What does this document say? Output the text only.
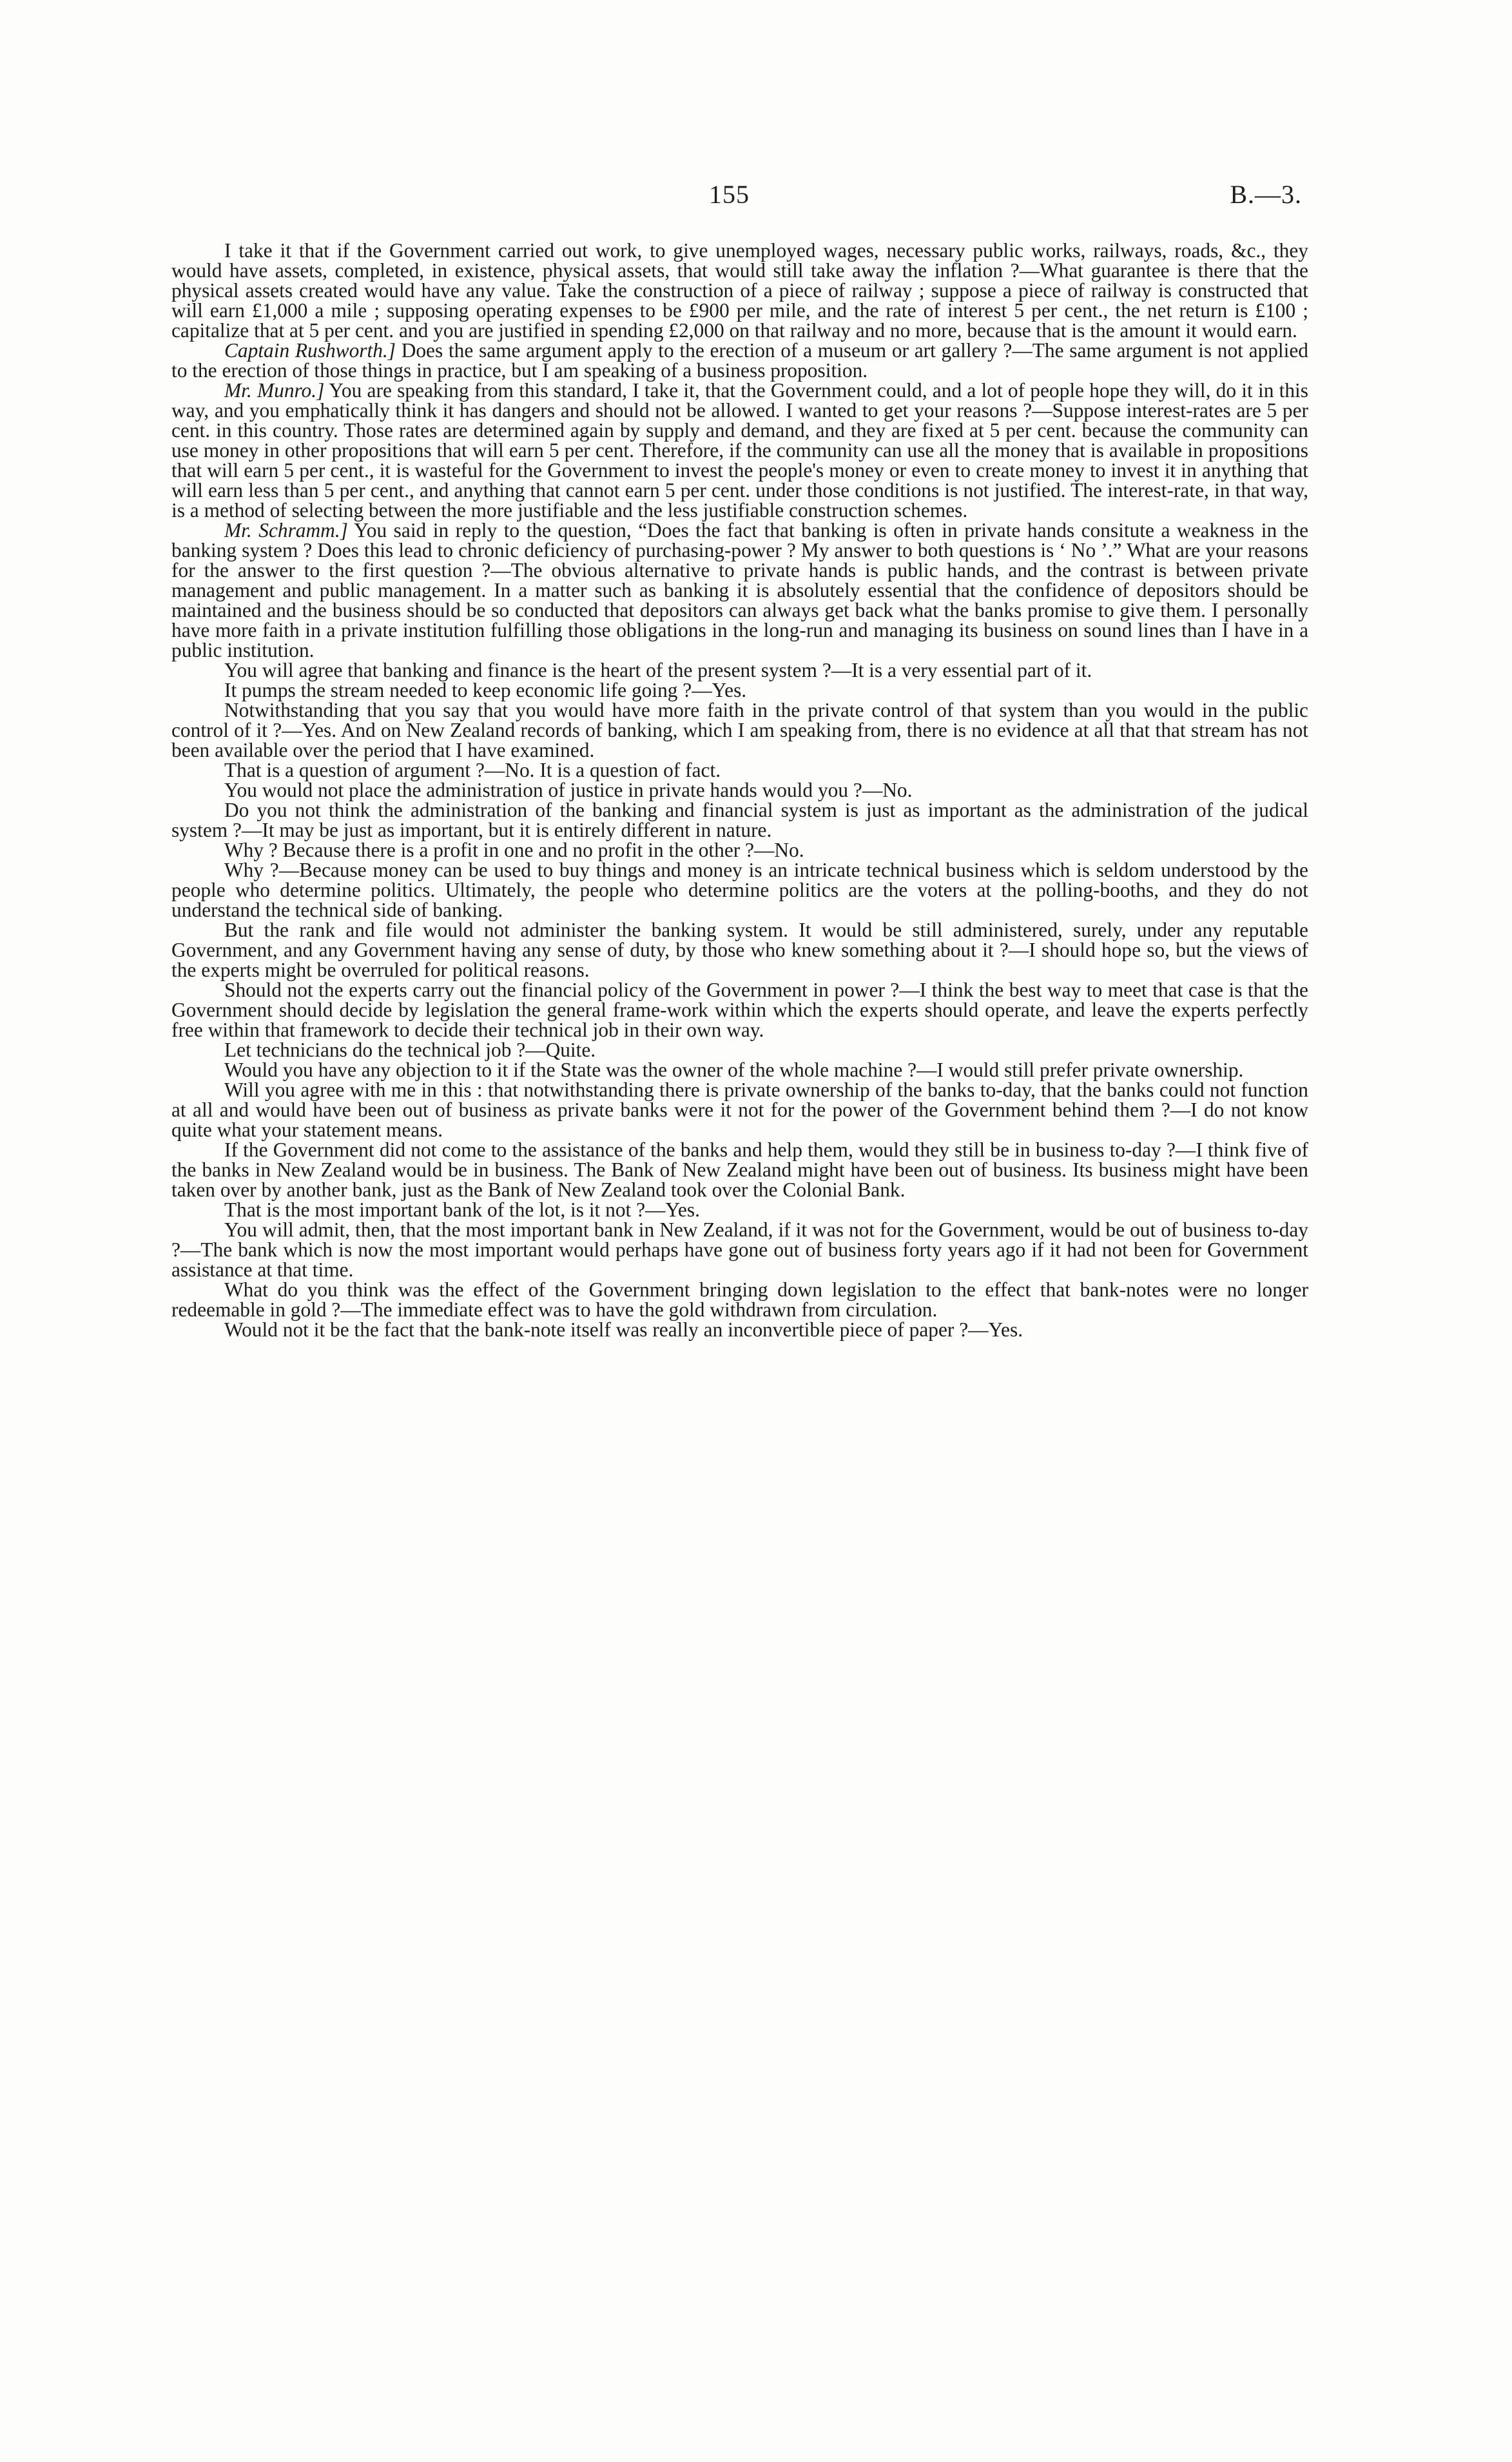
155	B.—3.

I take it that if the Government carried out work, to give unemployed wages, necessary public works, railways, roads, &c., they would have assets, completed, in existence, physical assets, that would still take away the inflation ?—What guarantee is there that the physical assets created would have any value. Take the construction of a piece of railway ; suppose a piece of railway is constructed that will earn £1,000 a mile ; supposing operating expenses to be £900 per mile, and the rate of interest 5 per cent., the net return is £100 ; capitalize that at 5 per cent. and you are justified in spending £2,000 on that railway and no more, because that is the amount it would earn.

Captain Rushworth.] Does the same argument apply to the erection of a museum or art gallery ?—The same argument is not applied to the erection of those things in practice, but I am speaking of a business proposition.

Mr. Munro.] You are speaking from this standard, I take it, that the Government could, and a lot of people hope they will, do it in this way, and you emphatically think it has dangers and should not be allowed. I wanted to get your reasons ?—Suppose interest-rates are 5 per cent. in this country. Those rates are determined again by supply and demand, and they are fixed at 5 per cent. because the community can use money in other propositions that will earn 5 per cent. Therefore, if the community can use all the money that is available in propositions that will earn 5 per cent., it is wasteful for the Government to invest the people's money or even to create money to invest it in anything that will earn less than 5 per cent., and anything that cannot earn 5 per cent. under those conditions is not justified. The interest-rate, in that way, is a method of selecting between the more justifiable and the less justifiable construction schemes.

Mr. Schramm.] You said in reply to the question, “Does the fact that banking is often in private hands consitute a weakness in the banking system ? Does this lead to chronic deficiency of purchasing-power ? My answer to both questions is ‘ No ’.” What are your reasons for the answer to the first question ?—The obvious alternative to private hands is public hands, and the contrast is between private management and public management. In a matter such as banking it is absolutely essential that the confidence of depositors should be maintained and the business should be so conducted that depositors can always get back what the banks promise to give them. I personally have more faith in a private institution fulfilling those obligations in the long-run and managing its business on sound lines than I have in a public institution.

You will agree that banking and finance is the heart of the present system ?—It is a very essential part of it.

It pumps the stream needed to keep economic life going ?—Yes.

Notwithstanding that you say that you would have more faith in the private control of that system than you would in the public control of it ?—Yes. And on New Zealand records of banking, which I am speaking from, there is no evidence at all that that stream has not been available over the period that I have examined.

That is a question of argument ?—No. It is a question of fact.

You would not place the administration of justice in private hands would you ?—No.

Do you not think the administration of the banking and financial system is just as important as the administration of the judical system ?—It may be just as important, but it is entirely different in nature.

Why ? Because there is a profit in one and no profit in the other ?—No.

Why ?—Because money can be used to buy things and money is an intricate technical business which is seldom understood by the people who determine politics. Ultimately, the people who determine politics are the voters at the polling-booths, and they do not understand the technical side of banking.

But the rank and file would not administer the banking system. It would be still administered, surely, under any reputable Government, and any Government having any sense of duty, by those who knew something about it ?—I should hope so, but the views of the experts might be overruled for political reasons.

Should not the experts carry out the financial policy of the Government in power ?—I think the best way to meet that case is that the Government should decide by legislation the general frame-work within which the experts should operate, and leave the experts perfectly free within that framework to decide their technical job in their own way.

Let technicians do the technical job ?—Quite.

Would you have any objection to it if the State was the owner of the whole machine ?—I would still prefer private ownership.

Will you agree with me in this : that notwithstanding there is private ownership of the banks to-day, that the banks could not function at all and would have been out of business as private banks were it not for the power of the Government behind them ?—I do not know quite what your statement means.

If the Government did not come to the assistance of the banks and help them, would they still be in business to-day ?—I think five of the banks in New Zealand would be in business. The Bank of New Zealand might have been out of business. Its business might have been taken over by another bank, just as the Bank of New Zealand took over the Colonial Bank.

That is the most important bank of the lot, is it not ?—Yes.

You will admit, then, that the most important bank in New Zealand, if it was not for the Government, would be out of business to-day ?—The bank which is now the most important would perhaps have gone out of business forty years ago if it had not been for Government assistance at that time.

What do you think was the effect of the Government bringing down legislation to the effect that bank-notes were no longer redeemable in gold ?—The immediate effect was to have the gold withdrawn from circulation.

Would not it be the fact that the bank-note itself was really an inconvertible piece of paper ?—Yes.
